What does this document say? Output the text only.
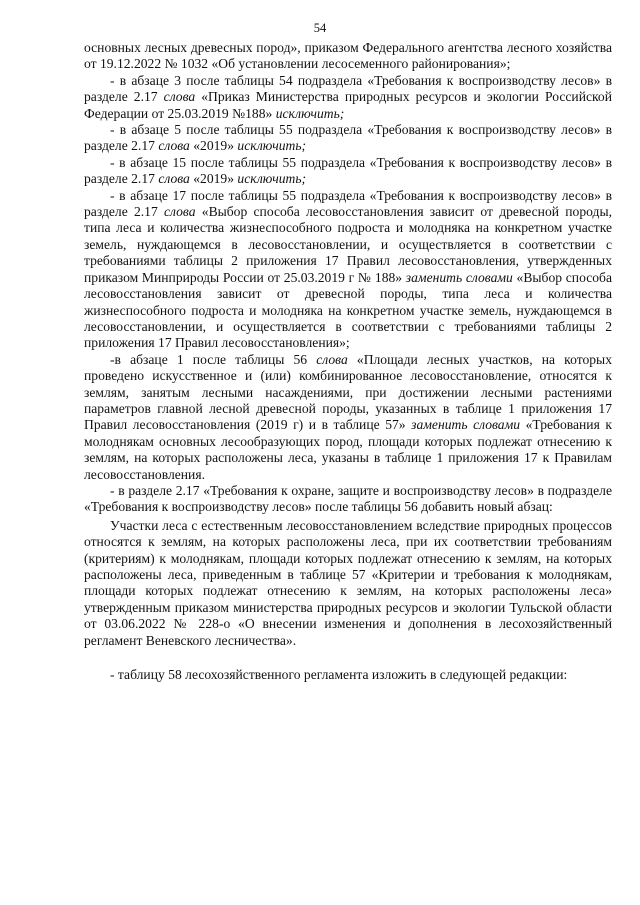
54

основных лесных древесных пород», приказом Федерального агентства лесного хозяйства от 19.12.2022 № 1032 «Об установлении лесосеменного районирования»;

- в абзаце 3 после таблицы 54 подраздела «Требования к воспроизводству лесов» в разделе 2.17 слова «Приказ Министерства природных ресурсов и экологии Российской Федерации от 25.03.2019 №188» исключить;

- в абзаце 5 после таблицы 55 подраздела «Требования к воспроизводству лесов» в разделе 2.17 слова «2019» исключить;

- в абзаце 15 после таблицы 55 подраздела «Требования к воспроизводству лесов» в разделе 2.17 слова «2019» исключить;

- в абзаце 17 после таблицы 55 подраздела «Требования к воспроизводству лесов» в разделе 2.17 слова «Выбор способа лесовосстановления зависит от древесной породы, типа леса и количества жизнеспособного подроста и молодняка на конкретном участке земель, нуждающемся в лесовосстановлении, и осуществляется в соответствии с требованиями таблицы 2 приложения 17 Правил лесовосстановления, утвержденных приказом Минприроды России от 25.03.2019 г № 188» заменить словами «Выбор способа лесовосстановления зависит от древесной породы, типа леса и количества жизнеспособного подроста и молодняка на конкретном участке земель, нуждающемся в лесовосстановлении, и осуществляется в соответствии с требованиями таблицы 2 приложения 17 Правил лесовосстановления»;

-в абзаце 1 после таблицы 56 слова «Площади лесных участков, на которых проведено искусственное и (или) комбинированное лесовосстановление, относятся к землям, занятым лесными насаждениями, при достижении лесными растениями параметров главной лесной древесной породы, указанных в таблице 1 приложения 17 Правил лесовосстановления (2019 г) и в таблице 57» заменить словами «Требования к молоднякам основных лесообразующих пород, площади которых подлежат отнесению к землям, на которых расположены леса, указаны в таблице 1 приложения 17 к Правилам лесовосстановления.

- в разделе 2.17 «Требования к охране, защите и воспроизводству лесов» в подразделе «Требования к воспроизводству лесов» после таблицы 56 добавить новый абзац:

Участки леса с естественным лесовосстановлением вследствие природных процессов относятся к землям, на которых расположены леса, при их соответствии требованиям (критериям) к молоднякам, площади которых подлежат отнесению к землям, на которых расположены леса, приведенным в таблице 57 «Критерии и требования к молоднякам, площади которых подлежат отнесению к землям, на которых расположены леса» утвержденным приказом министерства природных ресурсов и экологии Тульской области от 03.06.2022 № 228-о «О внесении изменения и дополнения в лесохозяйственный регламент Веневского лесничества».

- таблицу 58 лесохозяйственного регламента изложить в следующей редакции:
